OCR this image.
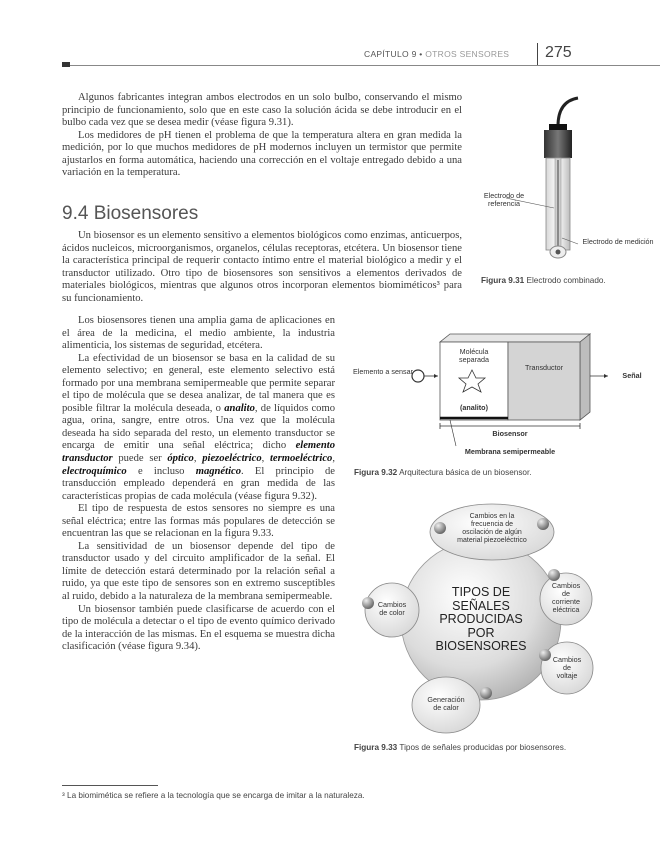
CAPÍTULO 9 • OTROS SENSORES 275

Algunos fabricantes integran ambos electrodos en un solo bulbo, conservando el mismo principio de funcionamiento, solo que en este caso la solución ácida se debe introducir en el bulbo cada vez que se desea medir (véase figura 9.31).

Los medidores de pH tienen el problema de que la temperatura altera en gran medida la medición, por lo que muchos medidores de pH modernos incluyen un termistor que permite ajustarlos en forma automática, haciendo una corrección en el voltaje entregado debido a una variación en la temperatura.

9.4 Biosensores

Un biosensor es un elemento sensitivo a elementos biológicos como enzimas, anticuerpos, ácidos nucleicos, microorganismos, organelos, células receptoras, etcétera. Un biosensor tiene la característica principal de requerir contacto íntimo entre el material biológico a medir y el transductor utilizado. Otro tipo de biosensores son sensitivos a elementos derivados de materiales biológicos, mientras que algunos otros incorporan elementos biomiméticos³ para su funcionamiento.

Los biosensores tienen una amplia gama de aplicaciones en el área de la medicina, el medio ambiente, la industria alimenticia, los sistemas de seguridad, etcétera.

La efectividad de un biosensor se basa en la calidad de su elemento selectivo; en general, este elemento selectivo está formado por una membrana semipermeable que permite separar el tipo de molécula que se desea analizar, de tal manera que es posible filtrar la molécula deseada, o analito, de líquidos como agua, orina, sangre, entre otros. Una vez que la molécula deseada ha sido separada del resto, un elemento transductor se encarga de emitir una señal eléctrica; dicho elemento transductor puede ser óptico, piezoeléctrico, termoeléctrico, electroquímico e incluso magnético. El principio de transducción empleado dependerá en gran medida de las características propias de cada molécula (véase figura 9.32).

El tipo de respuesta de estos sensores no siempre es una señal eléctrica; entre las formas más populares de detección se encuentran las que se relacionan en la figura 9.33.

La sensitividad de un biosensor depende del tipo de transductor usado y del circuito amplificador de la señal. El límite de detección estará determinado por la relación señal a ruido, ya que este tipo de sensores son en extremo susceptibles al ruido, debido a la naturaleza de la membrana semipermeable.

Un biosensor también puede clasificarse de acuerdo con el tipo de molécula a detectar o el tipo de evento químico derivado de la interacción de las mismas. En el esquema se muestra dicha clasificación (véase figura 9.34).

Electrodo de referencia
Electrodo de medición
Figura 9.31 Electrodo combinado.
Elemento a sensar
Molécula separada
(analito)
Transductor
Señal
Biosensor
Membrana semipermeable
Figura 9.32 Arquitectura básica de un biosensor.
TIPOS DE
SEÑALES
PRODUCIDAS
POR
BIOSENSORES
Cambios en la
frecuencia de
oscilación de algún
material piezoeléctrico
Cambios
de color
Cambios
de
corriente
eléctrica
Cambios
de
voltaje
Generación
de calor
Figura 9.33 Tipos de señales producidas por biosensores.
³ La biomimética se refiere a la tecnología que se encarga de imitar a la naturaleza.
